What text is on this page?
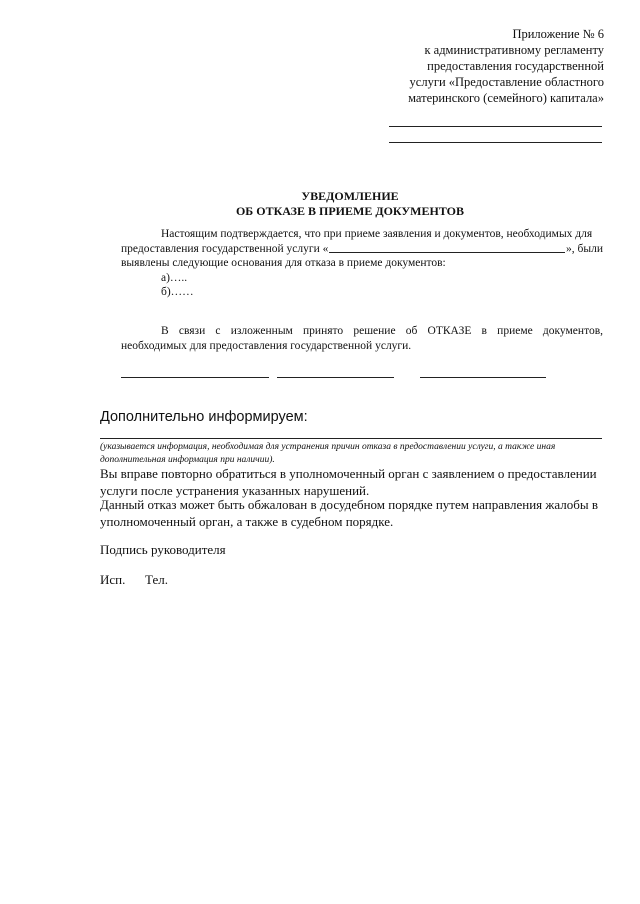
Приложение № 6
к административному регламенту
предоставления государственной
услуги «Предоставление областного
материнского (семейного) капитала»
УВЕДОМЛЕНИЕ
ОБ ОТКАЗЕ В ПРИЕМЕ ДОКУМЕНТОВ
Настоящим подтверждается, что при приеме заявления и документов, необходимых для
предоставления государственной услуги «	», были
выявлены следующие основания для отказа в приеме документов:
а)…..
б)……
В связи с изложенным принято решение об ОТКАЗЕ в приеме документов,
необходимых для предоставления государственной услуги.
Дополнительно информируем:
(указывается информация, необходимая для устранения причин отказа в предоставлении услуги, а также иная дополнительная информация при наличии).
Вы вправе повторно обратиться в уполномоченный орган с заявлением о предоставлении услуги после устранения указанных нарушений.
Данный отказ может быть обжалован в досудебном порядке путем направления жалобы в уполномоченный орган, а также в судебном порядке.
Подпись руководителя
Исп. Тел.
